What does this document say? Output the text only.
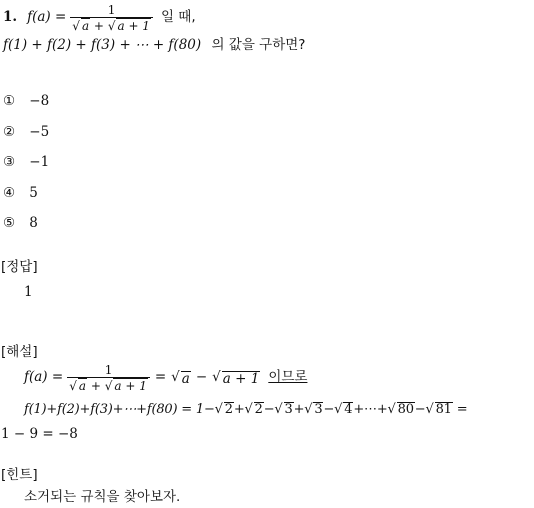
1. $f(a) = \frac{1}{√ a + √ a + 1}$ 일 때,
f(1) + f(2) + f(3) + ⋯ + f(80) 의 값을 구하면?
① −8
② −5
③ −1
④ 5
⑤ 8
[정답]
1
[해설]
$f(a) = \frac{1}{√ a + √ a + 1}$ = √ a − √ a + 1 이므로
f(1)+f(2)+f(3)+⋯+f(80) = 1−√ 2+√ 2−√ 3+√ 3−√ 4+⋯+√ 80−√ 81 =
1 − 9 = −8
[힌트]
소거되는 규칙을 찾아보자.
